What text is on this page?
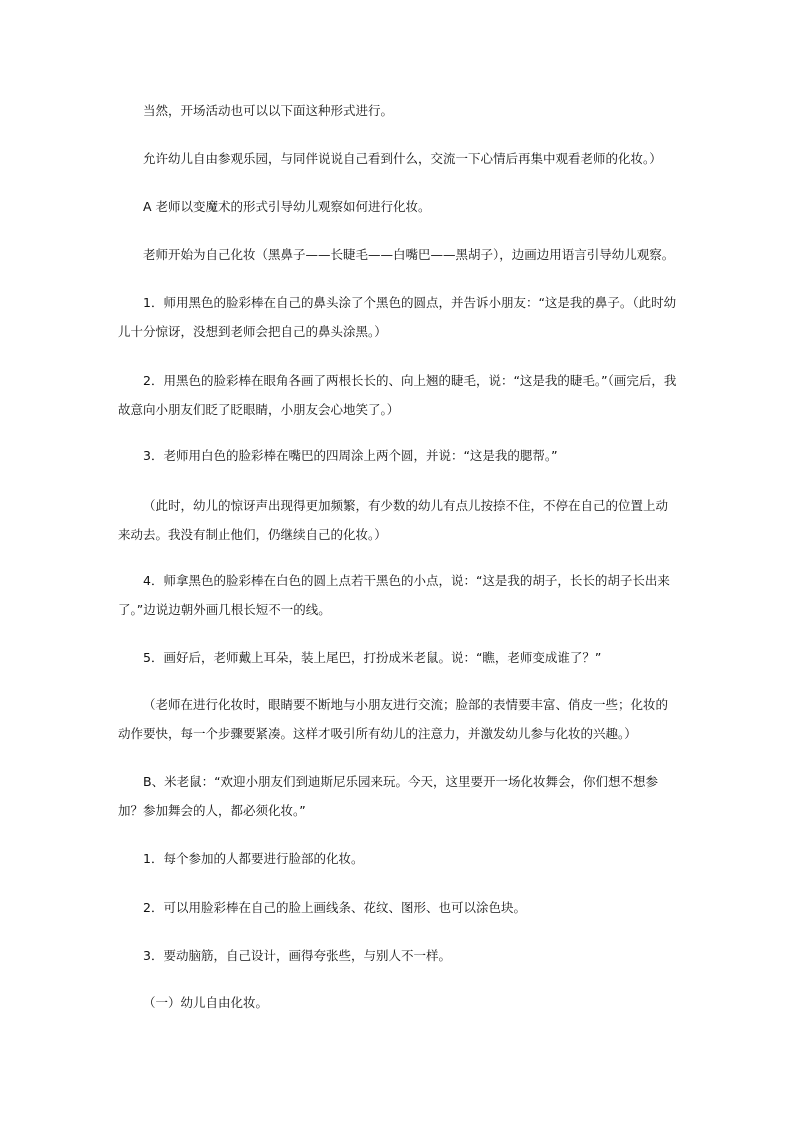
当然，开场活动也可以以下面这种形式进行。

允许幼儿自由参观乐园，与同伴说说自己看到什么，交流一下心情后再集中观看老师的化妆。）

A 老师以变魔术的形式引导幼儿观察如何进行化妆。

老师开始为自己化妆（黑鼻子——长睫毛——白嘴巴——黑胡子），边画边用语言引导幼儿观察。

1．师用黑色的脸彩棒在自己的鼻头涂了个黑色的圆点，并告诉小朋友：“这是我的鼻子。（此时幼儿十分惊讶，没想到老师会把自己的鼻头涂黑。）

2．用黑色的脸彩棒在眼角各画了两根长长的、向上翘的睫毛，说：“这是我的睫毛。”（画完后，我故意向小朋友们眨了眨眼睛，小朋友会心地笑了。）

3．老师用白色的脸彩棒在嘴巴的四周涂上两个圆，并说：“这是我的腮帮。”

（此时，幼儿的惊讶声出现得更加频繁，有少数的幼儿有点儿按捺不住，不停在自己的位置上动来动去。我没有制止他们，仍继续自己的化妆。）

4．师拿黑色的脸彩棒在白色的圆上点若干黑色的小点，说：“这是我的胡子，长长的胡子长出来了。”边说边朝外画几根长短不一的线。

5．画好后，老师戴上耳朵，装上尾巴，打扮成米老鼠。说：“瞧，老师变成谁了？”

（老师在进行化妆时，眼睛要不断地与小朋友进行交流；脸部的表情要丰富、俏皮一些；化妆的动作要快，每一个步骤要紧凑。这样才吸引所有幼儿的注意力，并激发幼儿参与化妆的兴趣。）

B、米老鼠：“欢迎小朋友们到迪斯尼乐园来玩。今天，这里要开一场化妆舞会，你们想不想参加？参加舞会的人，都必须化妆。”

1．每个参加的人都要进行脸部的化妆。

2．可以用脸彩棒在自己的脸上画线条、花纹、图形、也可以涂色块。

3．要动脑筋，自己设计，画得夸张些，与别人不一样。

（一）幼儿自由化妆。
